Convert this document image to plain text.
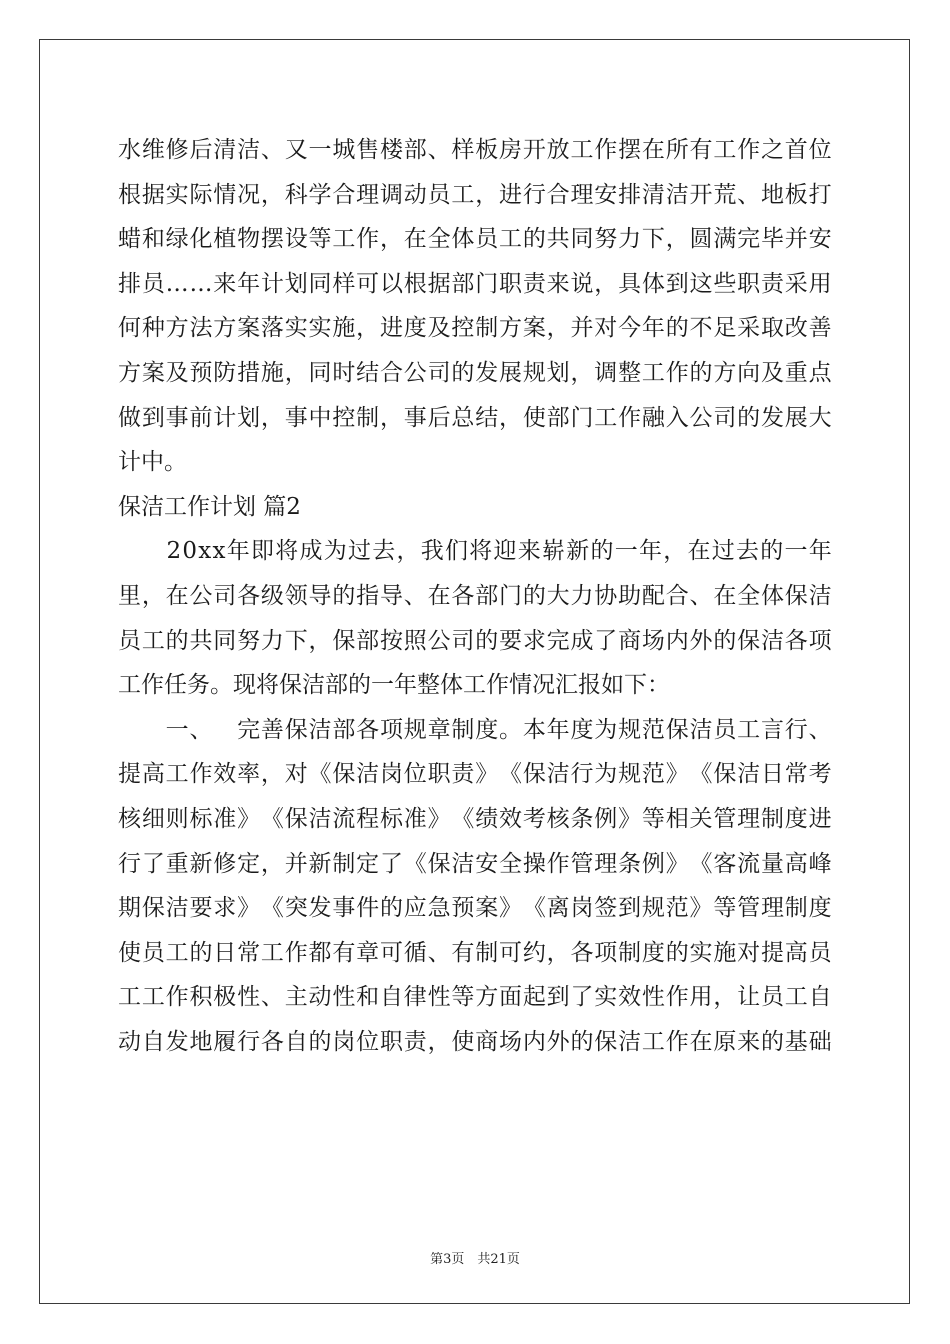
水 维 修 后 清 洁 、 又 一 城 售 楼 部 、 样 板 房 开 放 工 作 摆 在 所 有 工 作 之 首 位
根 据 实 际 情 况 ， 科 学 合 理 调 动 员 工 ， 进 行 合 理 安 排 清 洁 开 荒 、 地 板 打
蜡 和 绿 化 植 物 摆 设 等 工 作 ， 在 全 体 员 工 的 共 同 努 力 下 ， 圆 满 完 毕 并 安
排 员 … … 来 年 计 划 同 样 可 以 根 据 部 门 职 责 来 说 ， 具 体 到 这 些 职 责 采 用
何 种 方 法 方 案 落 实 实 施 ， 进 度 及 控 制 方 案 ， 并 对 今 年 的 不 足 采 取 改 善
方 案 及 预 防 措 施 ， 同 时 结 合 公 司 的 发 展 规 划 ， 调 整 工 作 的 方 向 及 重 点
做 到 事 前 计 划 ， 事 中 控 制 ， 事 后 总 结 ， 使 部 门 工 作 融 入 公 司 的 发 展 大
计中。
保洁工作计划 篇2

2 0 x x 年 即 将 成 为 过 去 ， 我 们 将 迎 来 崭 新 的 一 年 ， 在 过 去 的 一 年
里 ， 在 公 司 各 级 领 导 的 指 导 、 在 各 部 门 的 大 力 协 助 配 合 、 在 全 体 保 洁
员 工 的 共 同 努 力 下 ， 保 部 按 照 公 司 的 要 求 完 成 了 商 场 内 外 的 保 洁 各 项
工作任务。现将保洁部的一年整体工作情况汇报如下：

一 、
　 完 善 保 洁 部 各 项 规 章 制 度 。 本 年 度 为 规 范 保 洁 员 工 言 行 、
提 高 工 作 效 率 ， 对 《 保 洁 岗 位 职 责 》 《 保 洁 行 为 规 范 》 《 保 洁 日 常 考
核 细 则 标 准 》 《 保 洁 流 程 标 准 》 《 绩 效 考 核 条 例 》 等 相 关 管 理 制 度 进
行 了 重 新 修 定 ， 并 新 制 定 了 《 保 洁 安 全 操 作 管 理 条 例 》 《 客 流 量 高 峰
期 保 洁 要 求 》 《 突 发 事 件 的 应 急 预 案 》 《 离 岗 签 到 规 范 》 等 管 理 制 度
使 员 工 的 日 常 工 作 都 有 章 可 循 、 有 制 可 约 ， 各 项 制 度 的 实 施 对 提 高 员
工 工 作 积 极 性 、 主 动 性 和 自 律 性 等 方 面 起 到 了 实 效 性 作 用 ， 让 员 工 自
动 自 发 地 履 行 各 自 的 岗 位 职 责 ， 使 商 场 内 外 的 保 洁 工 作 在 原 来 的 基 础
第3页　共21页
